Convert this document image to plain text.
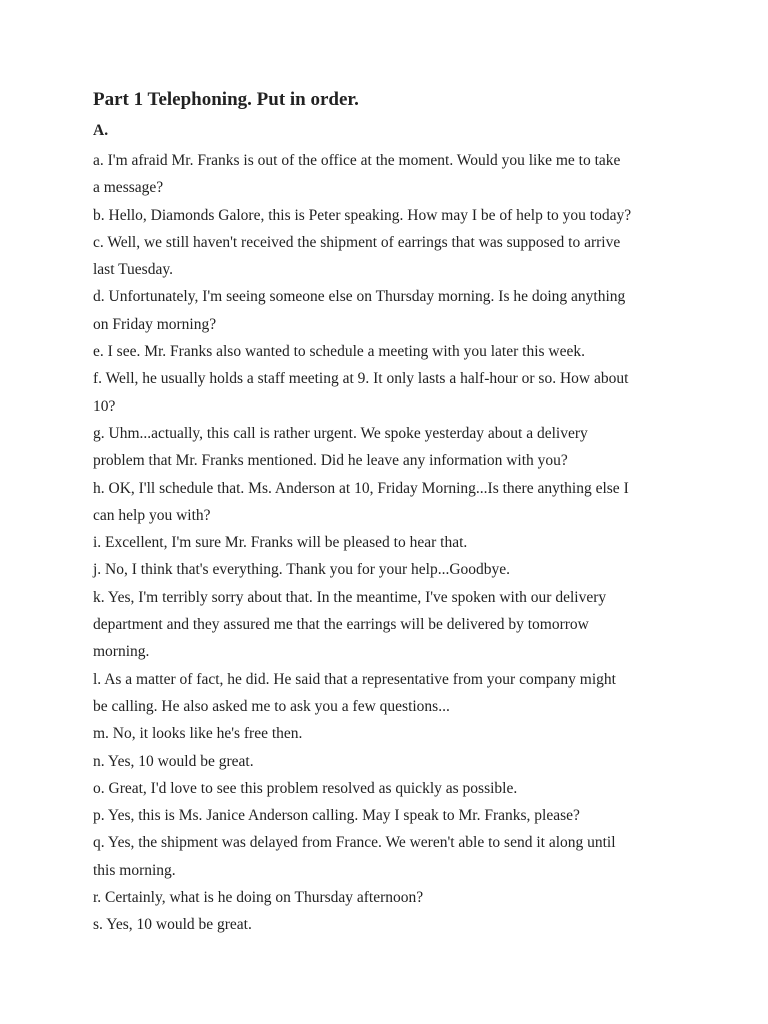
Part 1 Telephoning. Put in order.
A.
a. I'm afraid Mr. Franks is out of the office at the moment. Would you like me to take
a message?
b. Hello, Diamonds Galore, this is Peter speaking. How may I be of help to you today?
c. Well, we still haven't received the shipment of earrings that was supposed to arrive
last Tuesday.
d. Unfortunately, I'm seeing someone else on Thursday morning. Is he doing anything
on Friday morning?
e. I see. Mr. Franks also wanted to schedule a meeting with you later this week.
f. Well, he usually holds a staff meeting at 9. It only lasts a half-hour or so. How about
10?
g. Uhm...actually, this call is rather urgent. We spoke yesterday about a delivery
problem that Mr. Franks mentioned. Did he leave any information with you?
h. OK, I'll schedule that. Ms. Anderson at 10, Friday Morning...Is there anything else I
can help you with?
i. Excellent, I'm sure Mr. Franks will be pleased to hear that.
j. No, I think that's everything. Thank you for your help...Goodbye.
k. Yes, I'm terribly sorry about that. In the meantime, I've spoken with our delivery
department and they assured me that the earrings will be delivered by tomorrow
morning.
l. As a matter of fact, he did. He said that a representative from your company might
be calling. He also asked me to ask you a few questions...
m. No, it looks like he's free then.
n. Yes, 10 would be great.
o. Great, I'd love to see this problem resolved as quickly as possible.
p. Yes, this is Ms. Janice Anderson calling. May I speak to Mr. Franks, please?
q. Yes, the shipment was delayed from France. We weren't able to send it along until
this morning.
r. Certainly, what is he doing on Thursday afternoon?
s. Yes, 10 would be great.
